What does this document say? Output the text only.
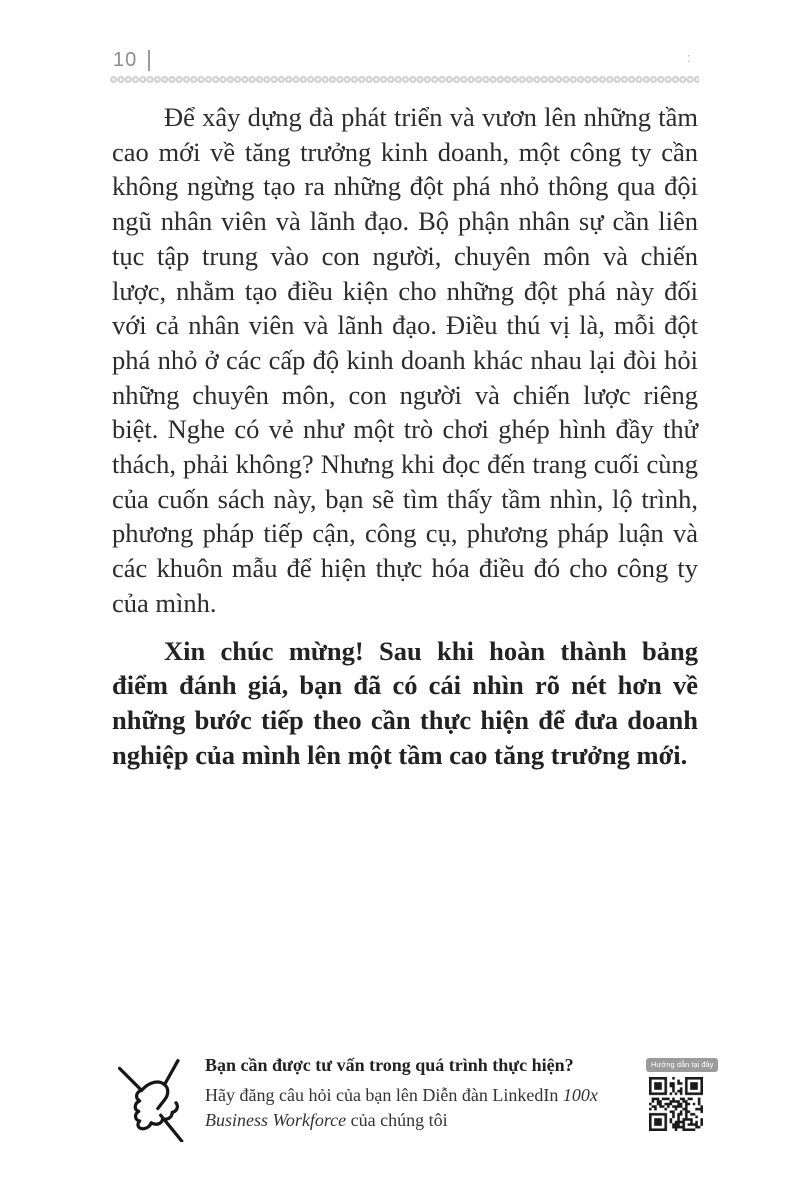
10	:

Để xây dựng đà phát triển và vươn lên những tầm cao mới về tăng trưởng kinh doanh, một công ty cần không ngừng tạo ra những đột phá nhỏ thông qua đội ngũ nhân viên và lãnh đạo. Bộ phận nhân sự cần liên tục tập trung vào con người, chuyên môn và chiến lược, nhằm tạo điều kiện cho những đột phá này đối với cả nhân viên và lãnh đạo. Điều thú vị là, mỗi đột phá nhỏ ở các cấp độ kinh doanh khác nhau lại đòi hỏi những chuyên môn, con người và chiến lược riêng biệt. Nghe có vẻ như một trò chơi ghép hình đầy thử thách, phải không? Nhưng khi đọc đến trang cuối cùng của cuốn sách này, bạn sẽ tìm thấy tầm nhìn, lộ trình, phương pháp tiếp cận, công cụ, phương pháp luận và các khuôn mẫu để hiện thực hóa điều đó cho công ty của mình.

Xin chúc mừng! Sau khi hoàn thành bảng điểm đánh giá, bạn đã có cái nhìn rõ nét hơn về những bước tiếp theo cần thực hiện để đưa doanh nghiệp của mình lên một tầm cao tăng trưởng mới.

Bạn cần được tư vấn trong quá trình thực hiện?
Hãy đăng câu hỏi của bạn lên Diễn đàn LinkedIn 100x Business Workforce của chúng tôi
Hướng dẫn tại đây
